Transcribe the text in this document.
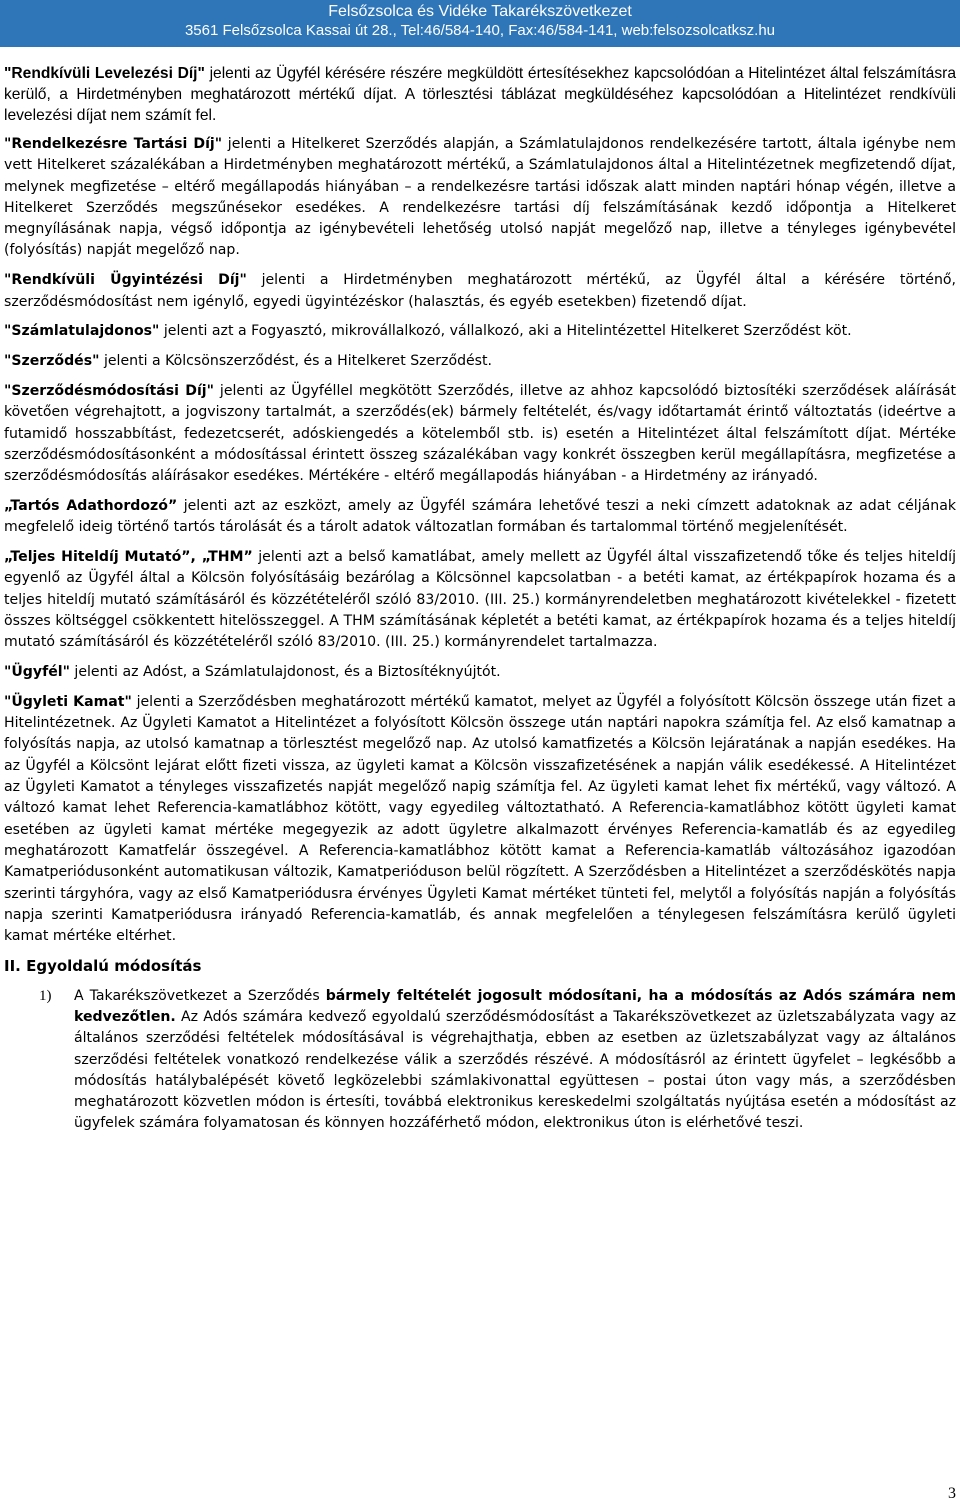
Felsőzsolca és Vidéke Takarékszövetkezet
3561 Felsőzsolca Kassai út 28., Tel:46/584-140, Fax:46/584-141, web:felsozsolcatksz.hu

"Rendkívüli Levelezési Díj" jelenti az Ügyfél kérésére részére megküldött értesítésekhez kapcsolódóan a Hitelintézet által felszámításra kerülő, a Hirdetményben meghatározott mértékű díjat. A törlesztési táblázat megküldéséhez kapcsolódóan a Hitelintézet rendkívüli levelezési díjat nem számít fel.

"Rendelkezésre Tartási Díj" jelenti a Hitelkeret Szerződés alapján, a Számlatulajdonos rendelkezésére tartott, általa igénybe nem vett Hitelkeret százalékában a Hirdetményben meghatározott mértékű, a Számlatulajdonos által a Hitelintézetnek megfizetendő díjat, melynek megfizetése – eltérő megállapodás hiányában – a rendelkezésre tartási időszak alatt minden naptári hónap végén, illetve a Hitelkeret Szerződés megszűnésekor esedékes. A rendelkezésre tartási díj felszámításának kezdő időpontja a Hitelkeret megnyílásának napja, végső időpontja az igénybevételi lehetőség utolsó napját megelőző nap, illetve a tényleges igénybevétel (folyósítás) napját megelőző nap.

"Rendkívüli Ügyintézési Díj" jelenti a Hirdetményben meghatározott mértékű, az Ügyfél által a kérésére történő, szerződésmódosítást nem igénylő, egyedi ügyintézéskor (halasztás, és egyéb esetekben) fizetendő díjat.

"Számlatulajdonos" jelenti azt a Fogyasztó, mikrovállalkozó, vállalkozó, aki a Hitelintézettel Hitelkeret Szerződést köt.

"Szerződés" jelenti a Kölcsönszerződést, és a Hitelkeret Szerződést.

"Szerződésmódosítási Díj" jelenti az Ügyféllel megkötött Szerződés, illetve az ahhoz kapcsolódó biztosítéki szerződések aláírását követően végrehajtott, a jogviszony tartalmát, a szerződés(ek) bármely feltételét, és/vagy időtartamát érintő változtatás (ideértve a futamidő hosszabbítást, fedezetcserét, adóskiengedés a kötelemből stb. is) esetén a Hitelintézet által felszámított díjat. Mértéke szerződésmódosításonként a módosítással érintett összeg százalékában vagy konkrét összegben kerül megállapításra, megfizetése a szerződésmódosítás aláírásakor esedékes. Mértékére - eltérő megállapodás hiányában - a Hirdetmény az irányadó.

„Tartós Adathordozó” jelenti azt az eszközt, amely az Ügyfél számára lehetővé teszi a neki címzett adatoknak az adat céljának megfelelő ideig történő tartós tárolását és a tárolt adatok változatlan formában és tartalommal történő megjelenítését.

„Teljes Hiteldíj Mutató”, „THM” jelenti azt a belső kamatlábat, amely mellett az Ügyfél által visszafizetendő tőke és teljes hiteldíj egyenlő az Ügyfél által a Kölcsön folyósításáig bezárólag a Kölcsönnel kapcsolatban - a betéti kamat, az értékpapírok hozama és a teljes hiteldíj mutató számításáról és közzétételéről szóló 83/2010. (III. 25.) kormányrendeletben meghatározott kivételekkel - fizetett összes költséggel csökkentett hitelösszeggel. A THM számításának képletét a betéti kamat, az értékpapírok hozama és a teljes hiteldíj mutató számításáról és közzétételéről szóló 83/2010. (III. 25.) kormányrendelet tartalmazza.

"Ügyfél" jelenti az Adóst, a Számlatulajdonost, és a Biztosítéknyújtót.

"Ügyleti Kamat" jelenti a Szerződésben meghatározott mértékű kamatot, melyet az Ügyfél a folyósított Kölcsön összege után fizet a Hitelintézetnek. Az Ügyleti Kamatot a Hitelintézet a folyósított Kölcsön összege után naptári napokra számítja fel. Az első kamatnap a folyósítás napja, az utolsó kamatnap a törlesztést megelőző nap. Az utolsó kamatfizetés a Kölcsön lejáratának a napján esedékes. Ha az Ügyfél a Kölcsönt lejárat előtt fizeti vissza, az ügyleti kamat a Kölcsön visszafizetésének a napján válik esedékessé. A Hitelintézet az Ügyleti Kamatot a tényleges visszafizetés napját megelőző napig számítja fel. Az ügyleti kamat lehet fix mértékű, vagy változó. A változó kamat lehet Referencia-kamatlábhoz kötött, vagy egyedileg változtatható. A Referencia-kamatlábhoz kötött ügyleti kamat esetében az ügyleti kamat mértéke megegyezik az adott ügyletre alkalmazott érvényes Referencia-kamatláb és az egyedileg meghatározott Kamatfelár összegével. A Referencia-kamatlábhoz kötött kamat a Referencia-kamatláb változásához igazodóan Kamatperiódusonként automatikusan változik, Kamatperióduson belül rögzített. A Szerződésben a Hitelintézet a szerződéskötés napja szerinti tárgyhóra, vagy az első Kamatperiódusra érvényes Ügyleti Kamat mértéket tünteti fel, melytől a folyósítás napján a folyósítás napja szerinti Kamatperiódusra irányadó Referencia-kamatláb, és annak megfelelően a ténylegesen felszámításra kerülő ügyleti kamat mértéke eltérhet.

II. Egyoldalú módosítás

1)	A Takarékszövetkezet a Szerződés bármely feltételét jogosult módosítani, ha a módosítás az Adós számára nem kedvezőtlen. Az Adós számára kedvező egyoldalú szerződésmódosítást a Takarékszövetkezet az üzletszabályzata vagy az általános szerződési feltételek módosításával is végrehajthatja, ebben az esetben az üzletszabályzat vagy az általános szerződési feltételek vonatkozó rendelkezése válik a szerződés részévé. A módosításról az érintett ügyfelet – legkésőbb a módosítás hatálybalépését követő legközelebbi számlakivonattal együttesen – postai úton vagy más, a szerződésben meghatározott közvetlen módon is értesíti, továbbá elektronikus kereskedelmi szolgáltatás nyújtása esetén a módosítást az ügyfelek számára folyamatosan és könnyen hozzáférhető módon, elektronikus úton is elérhetővé teszi.
3
